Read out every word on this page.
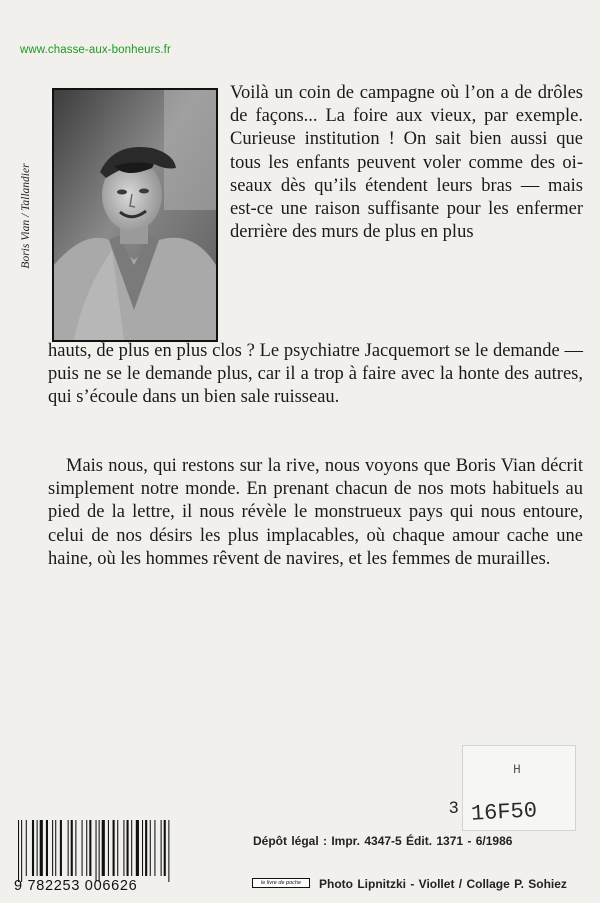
www.chasse-aux-bonheurs.fr
Boris Vian / Tallandier

Voilà un coin de campagne où l’on a de drôles de façons... La foire aux vieux, par exemple. Curieuse institution ! On sait bien aussi que tous les enfants peuvent voler comme des oiseaux dès qu’ils étendent leurs bras — mais est-ce une raison suffisante pour les enfermer derrière des murs de plus en plus

hauts, de plus en plus clos ? Le psychiatre Jacquemort se le demande — puis ne se le demande plus, car il a trop à faire avec la honte des autres, qui s’écoule dans un bien sale ruisseau.

Mais nous, qui restons sur la rive, nous voyons que Boris Vian décrit simplement notre monde. En prenant chacun de nos mots habituels au pied de la lettre, il nous révèle le monstrueux pays qui nous entoure, celui de nos désirs les plus implacables, où chaque amour cache une haine, où les hommes rêvent de navires, et les femmes de murailles.

H
16F50
3
9 782253 006626
Dépôt légal : Impr. 4347-5 Édit. 1371 - 6/1986
le livre de poche	Photo Lipnitzki - Viollet / Collage P. Sohiez
